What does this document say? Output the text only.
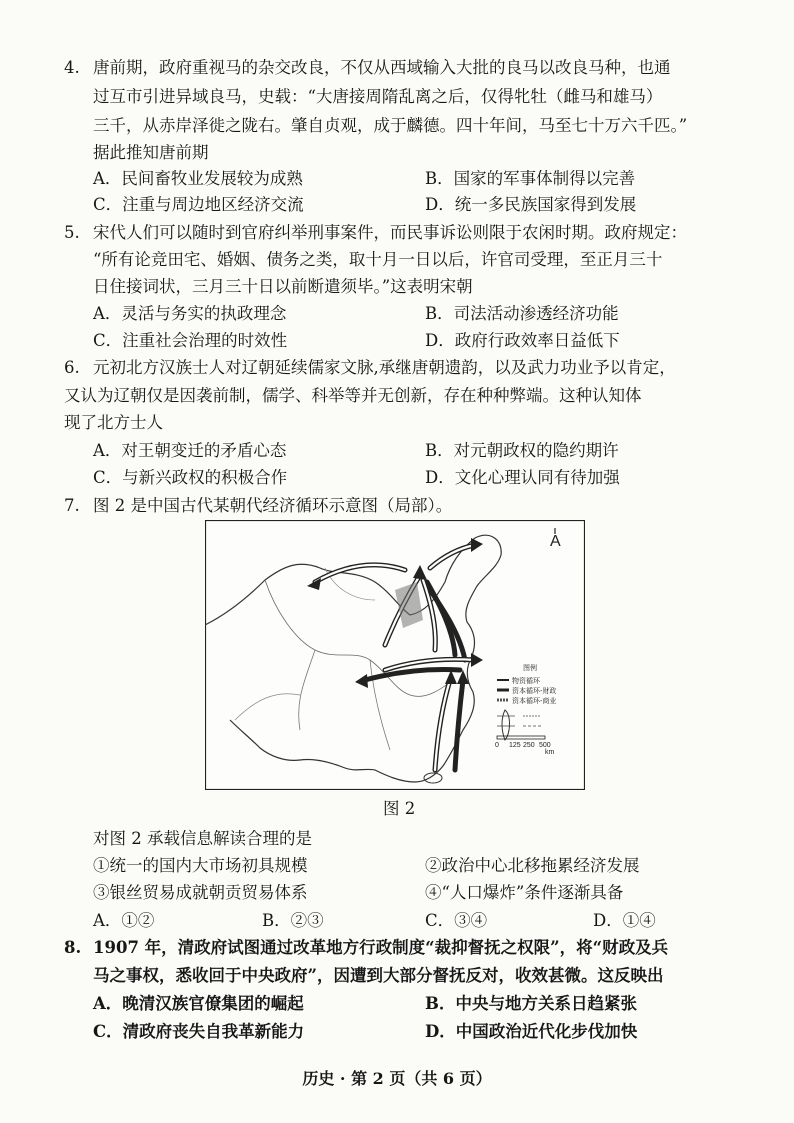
4. 唐前期，政府重视马的杂交改良，不仅从西域输入大批的良马以改良马种，也通
过互市引进异域良马，史载：“大唐接周隋乱离之后，仅得牝牡（雌马和雄马）
三千，从赤岸泽徙之陇右。肇自贞观，成于麟德。四十年间，马至七十万六千匹。”
据此推知唐前期
A．民间畜牧业发展较为成熟	B．国家的军事体制得以完善
C．注重与周边地区经济交流	D．统一多民族国家得到发展
5. 宋代人们可以随时到官府纠举刑事案件，而民事诉讼则限于农闲时期。政府规定：
“所有论竞田宅、婚姻、债务之类，取十月一日以后，许官司受理，至正月三十
日住接词状，三月三十日以前断遣须毕。”这表明宋朝
A．灵活与务实的执政理念	B．司法活动渗透经济功能
C．注重社会治理的时效性	D．政府行政效率日益低下
6. 元初北方汉族士人对辽朝延续儒家文脉,承继唐朝遗韵，以及武力功业予以肯定，
又认为辽朝仅是因袭前制，儒学、科举等并无创新，存在种种弊端。这种认知体
现了北方士人
A．对王朝变迁的矛盾心态	B．对元朝政权的隐约期许
C．与新兴政权的积极合作	D．文化心理认同有待加强
7. 图 2 是中国古代某朝代经济循环示意图（局部）。
A
图例
物资循环
资本循环-财政
资本循环-商业
0 125 250 500
km
图 2
对图 2 承载信息解读合理的是
①统一的国内大市场初具规模	②政治中心北移拖累经济发展
③银丝贸易成就朝贡贸易体系	④“人口爆炸”条件逐渐具备
A．①②	B．②③	C．③④	D．①④
8. 1907 年，清政府试图通过改革地方行政制度“裁抑督抚之权限”，将“财政及兵
马之事权，悉收回于中央政府”，因遭到大部分督抚反对，收效甚微。这反映出
A．晚清汉族官僚集团的崛起	B．中央与地方关系日趋紧张
C．清政府丧失自我革新能力	D．中国政治近代化步伐加快
历史 · 第 2 页（共 6 页）
